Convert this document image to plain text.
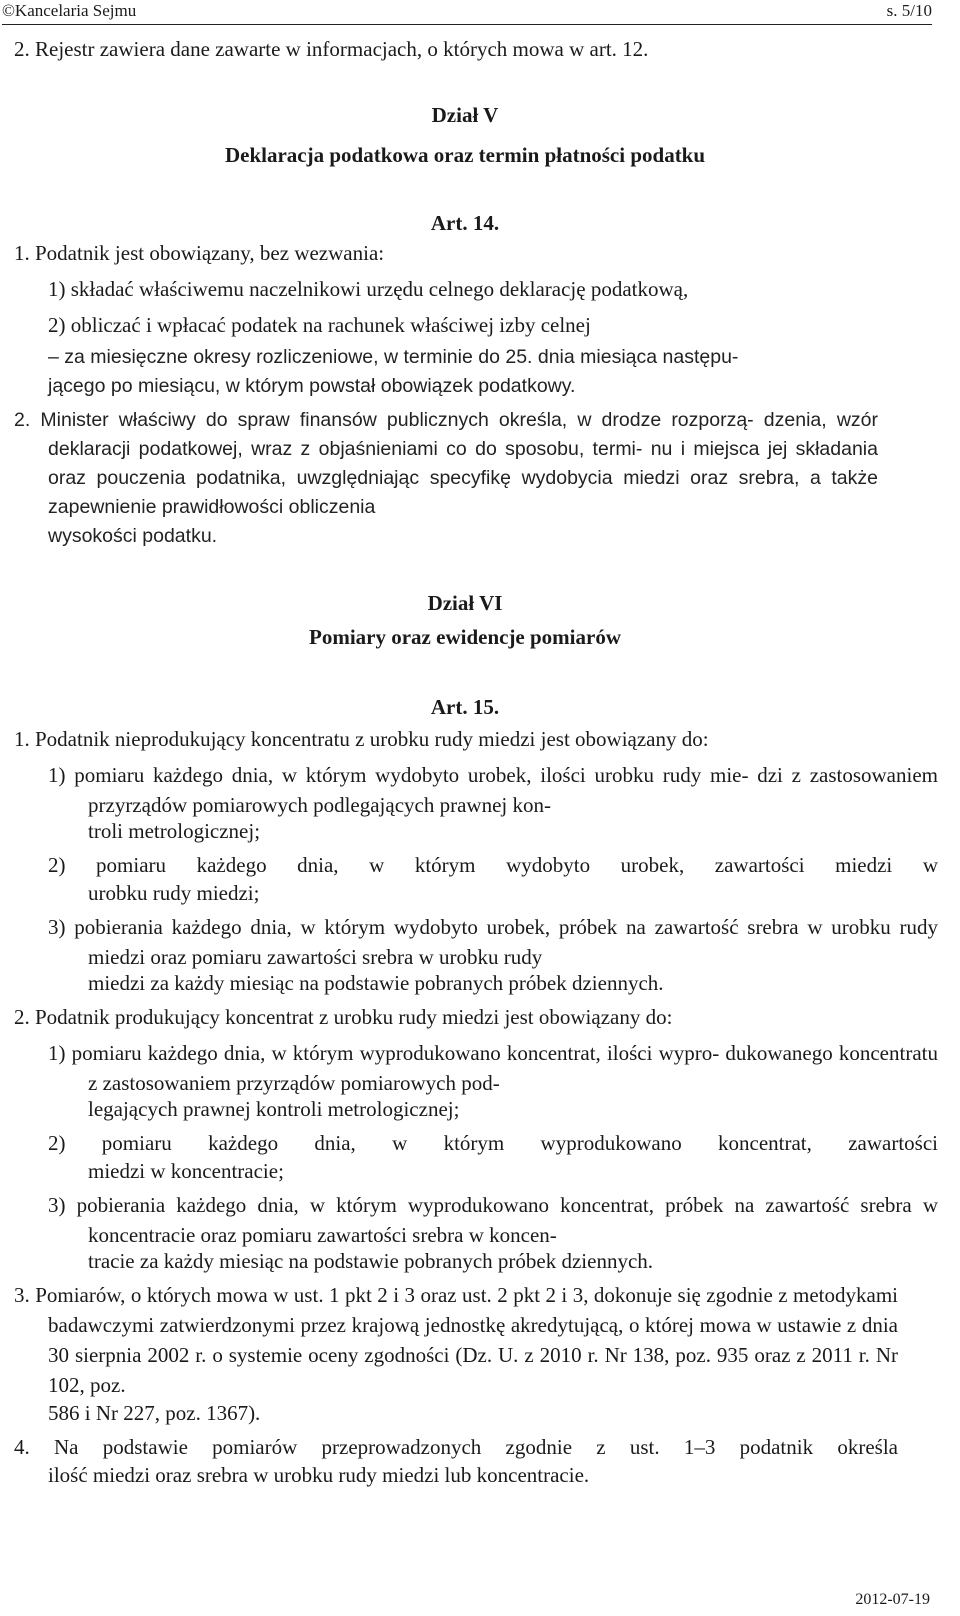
©Kancelaria Sejmu	s. 5/10

2. Rejestr zawiera dane zawarte w informacjach, o których mowa w art. 12.

Dział V
Deklaracja podatkowa oraz termin płatności podatku
Art. 14.

1. Podatnik jest obowiązany, bez wezwania:

1) składać właściwemu naczelnikowi urzędu celnego deklarację podatkową,

2) obliczać i wpłacać podatek na rachunek właściwej izby celnej

– za miesięczne okresy rozliczeniowe, w terminie do 25. dnia miesiąca następu-

jącego po miesiącu, w którym powstał obowiązek podatkowy.

2. Minister właściwy do spraw finansów publicznych określa, w drodze rozporzą- dzenia, wzór deklaracji podatkowej, wraz z objaśnieniami co do sposobu, termi- nu i miejsca jej składania oraz pouczenia podatnika, uwzględniając specyfikę wydobycia miedzi oraz srebra, a także zapewnienie prawidłowości obliczenia

wysokości podatku.

Dział VI
Pomiary oraz ewidencje pomiarów
Art. 15.

1. Podatnik nieprodukujący koncentratu z urobku rudy miedzi jest obowiązany do:

1) pomiaru każdego dnia, w którym wydobyto urobek, ilości urobku rudy mie- dzi z zastosowaniem przyrządów pomiarowych podlegających prawnej kon-

troli metrologicznej;

2) pomiaru każdego dnia, w którym wydobyto urobek, zawartości miedzi w

urobku rudy miedzi;

3) pobierania każdego dnia, w którym wydobyto urobek, próbek na zawartość srebra w urobku rudy miedzi oraz pomiaru zawartości srebra w urobku rudy

miedzi za każdy miesiąc na podstawie pobranych próbek dziennych.

2. Podatnik produkujący koncentrat z urobku rudy miedzi jest obowiązany do:

1) pomiaru każdego dnia, w którym wyprodukowano koncentrat, ilości wypro- dukowanego koncentratu z zastosowaniem przyrządów pomiarowych pod-

legających prawnej kontroli metrologicznej;

2) pomiaru każdego dnia, w którym wyprodukowano koncentrat, zawartości

miedzi w koncentracie;

3) pobierania każdego dnia, w którym wyprodukowano koncentrat, próbek na zawartość srebra w koncentracie oraz pomiaru zawartości srebra w koncen-

tracie za każdy miesiąc na podstawie pobranych próbek dziennych.

3. Pomiarów, o których mowa w ust. 1 pkt 2 i 3 oraz ust. 2 pkt 2 i 3, dokonuje się zgodnie z metodykami badawczymi zatwierdzonymi przez krajową jednostkę akredytującą, o której mowa w ustawie z dnia 30 sierpnia 2002 r. o systemie oceny zgodności (Dz. U. z 2010 r. Nr 138, poz. 935 oraz z 2011 r. Nr 102, poz.

586 i Nr 227, poz. 1367).

4. Na podstawie pomiarów przeprowadzonych zgodnie z ust. 1–3 podatnik określa

ilość miedzi oraz srebra w urobku rudy miedzi lub koncentracie.

2012-07-19
